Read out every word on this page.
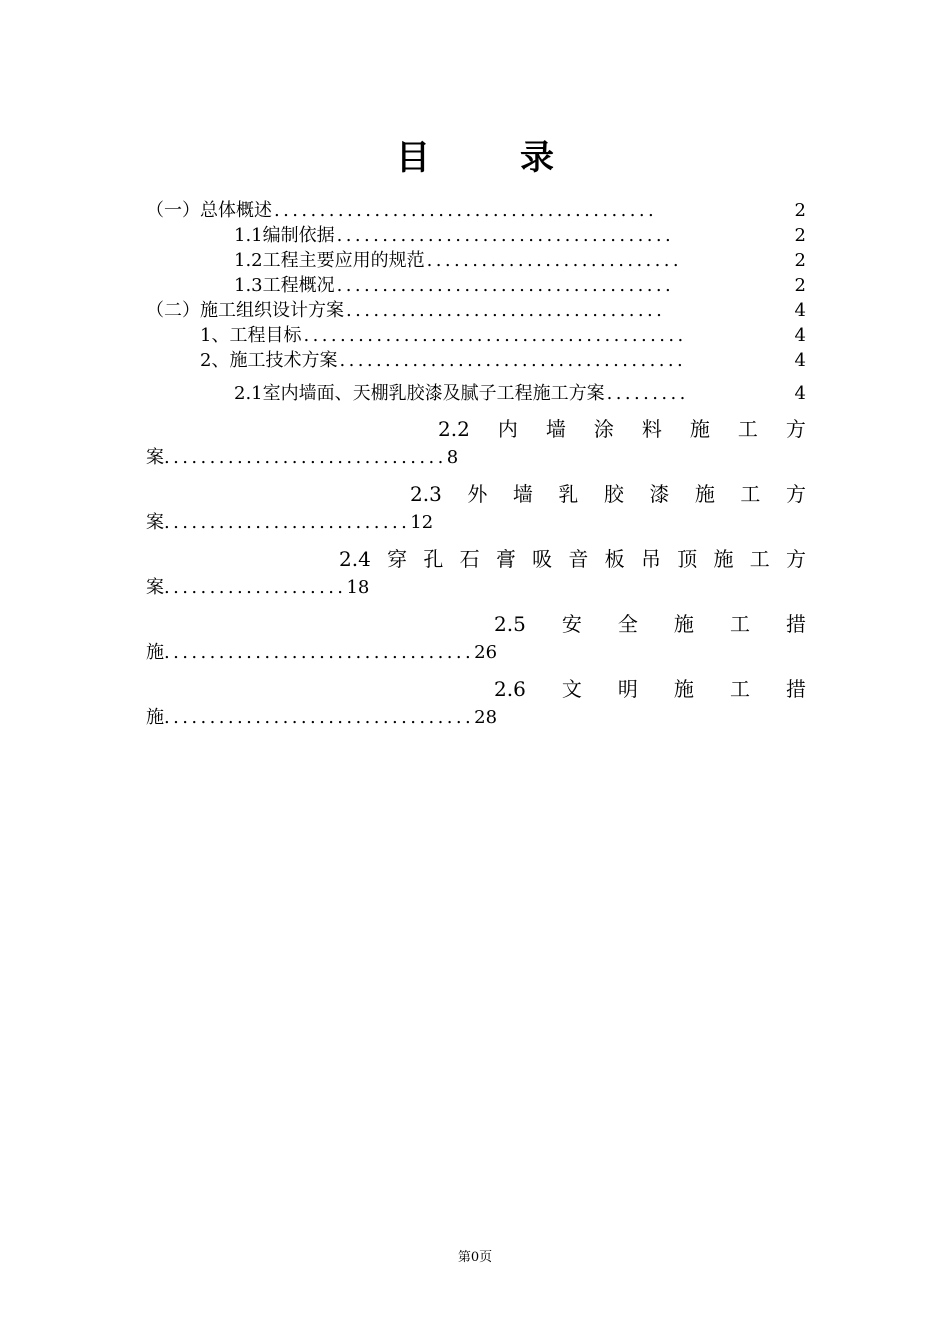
目　录
（一）总体概述 ..........................................	2
1.1编制依据 .....................................	2
1.2工程主要应用的规范 ............................	2
1.3工程概况 .....................................	2
（二）施工组织设计方案 ...................................	4
1、工程目标 ..........................................	4
2、施工技术方案 ......................................	4
2.1室内墙面、天棚乳胶漆及腻子工程施工方案 .........	4
2.2 内 墙 涂 料 施 工 方
案 ............................... 8
2.3 外 墙 乳 胶 漆 施 工 方
案 ........................... 12
2.4 穿 孔 石 膏 吸 音 板 吊 顶 施 工 方
案 .................... 18
2.5 安 全 施 工 措
施 .................................. 26
2.6 文 明 施 工 措
施 .................................. 28
第0页
